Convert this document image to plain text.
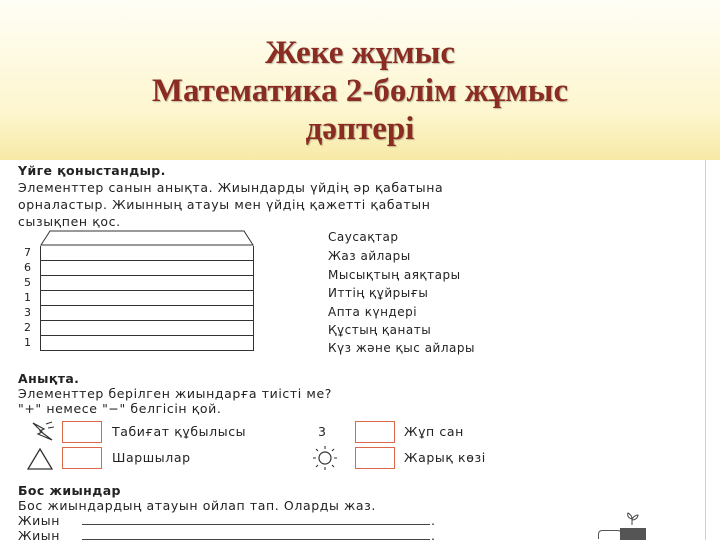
Жеке жұмыс
Математика 2-бөлім жұмыс
дәптері
Үйге қоныстандыр.
Элементтер санын анықта. Жиындарды үйдің әр қабатына
орналастыр. Жиынның атауы мен үйдің қажетті қабатын
сызықпен қос.
7
6
5
1
3
2
1
Саусақтар
Жаз айлары
Мысықтың аяқтары
Иттің құйрығы
Апта күндері
Құстың қанаты
Күз және қыс айлары
Анықта.
Элементтер берілген жиындарға тиісті ме?
"+" немесе "−" белгісін қой.
Табиғат құбылысы	3	Жұп сан
Шаршылар	Жарық көзі
Бос жиындар
Бос жиындардың атауын ойлап тап. Оларды жаз.
Жиын	.
Жиын	.
